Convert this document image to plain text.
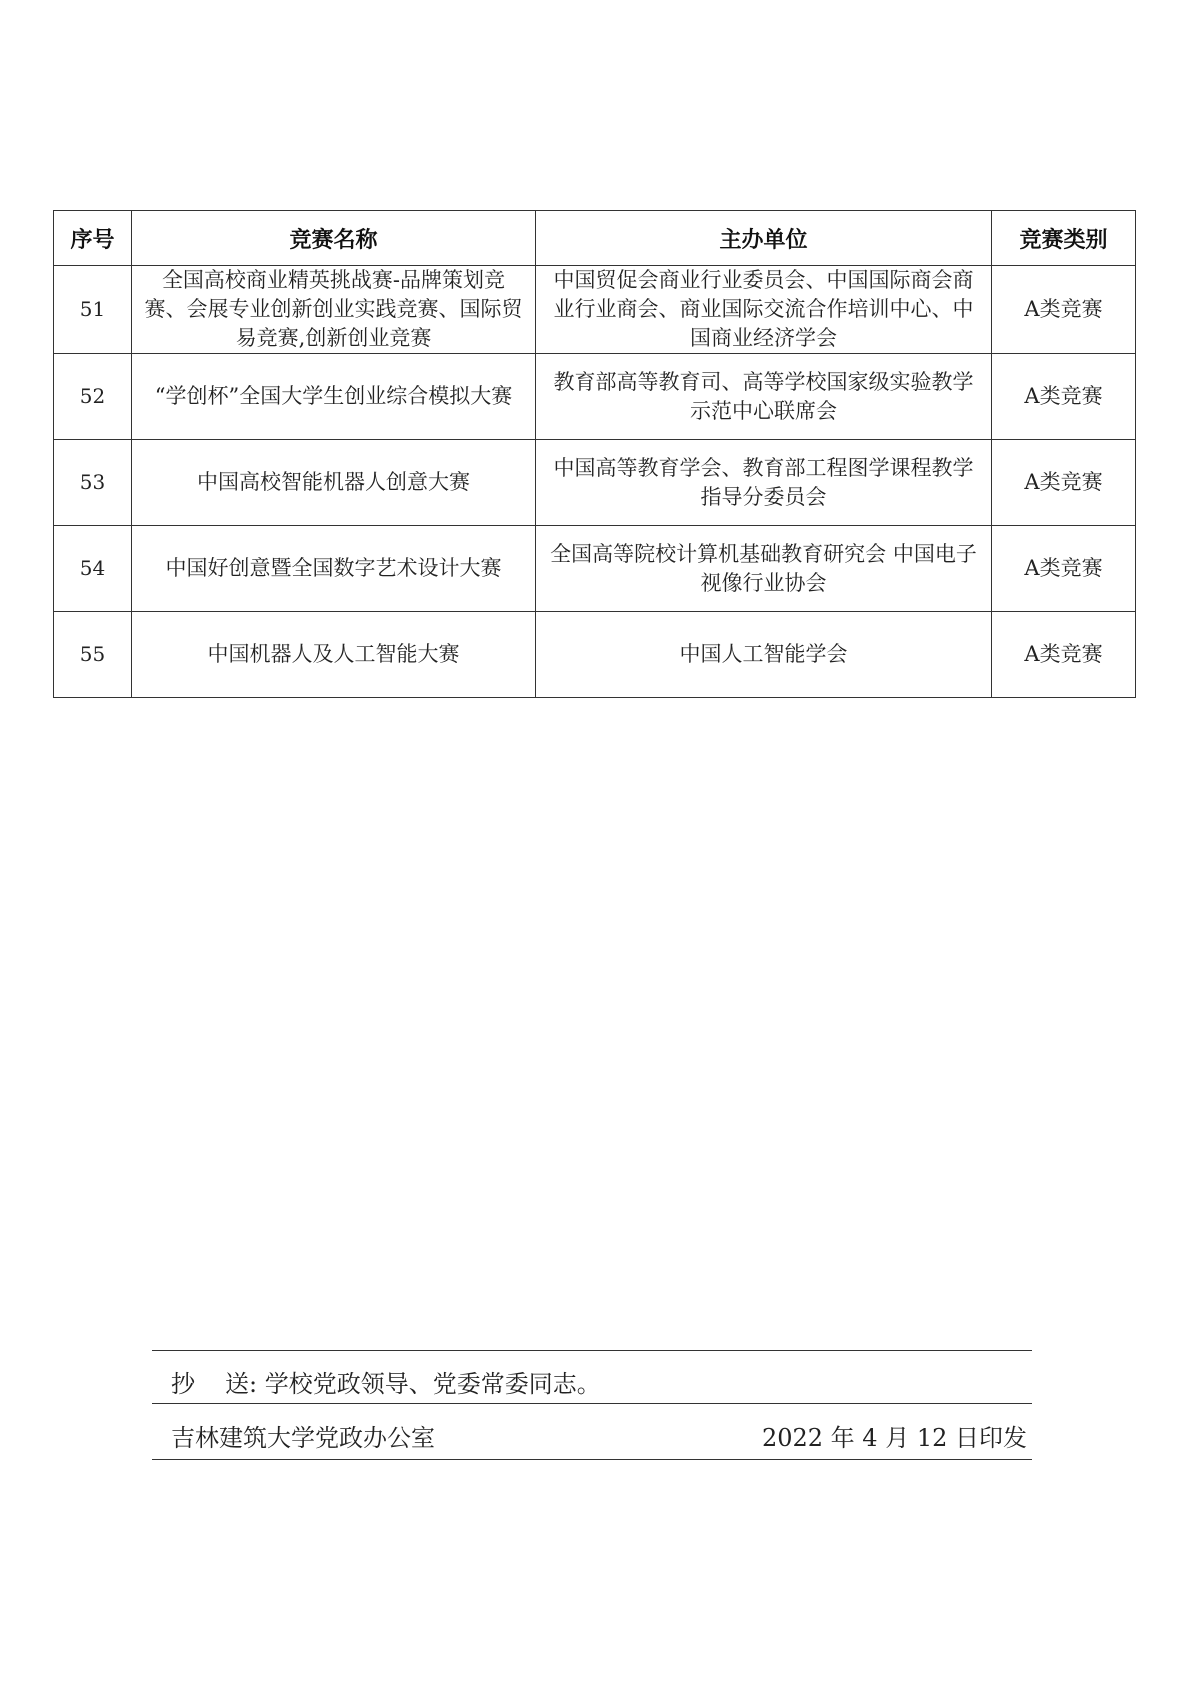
序号	竞赛名称	主办单位	竞赛类别
51	全国高校商业精英挑战赛-品牌策划竞赛、会展专业创新创业实践竞赛、国际贸易竞赛,创新创业竞赛	中国贸促会商业行业委员会、中国国际商会商业行业商会、商业国际交流合作培训中心、中国商业经济学会	A类竞赛
52	“学创杯”全国大学生创业综合模拟大赛	教育部高等教育司、高等学校国家级实验教学示范中心联席会	A类竞赛
53	中国高校智能机器人创意大赛	中国高等教育学会、教育部工程图学课程教学指导分委员会	A类竞赛
54	中国好创意暨全国数字艺术设计大赛	全国高等院校计算机基础教育研究会 中国电子视像行业协会	A类竞赛
55	中国机器人及人工智能大赛	中国人工智能学会	A类竞赛
抄 送: 学校党政领导、党委常委同志。
吉林建筑大学党政办公室	2022 年 4 月 12 日印发
